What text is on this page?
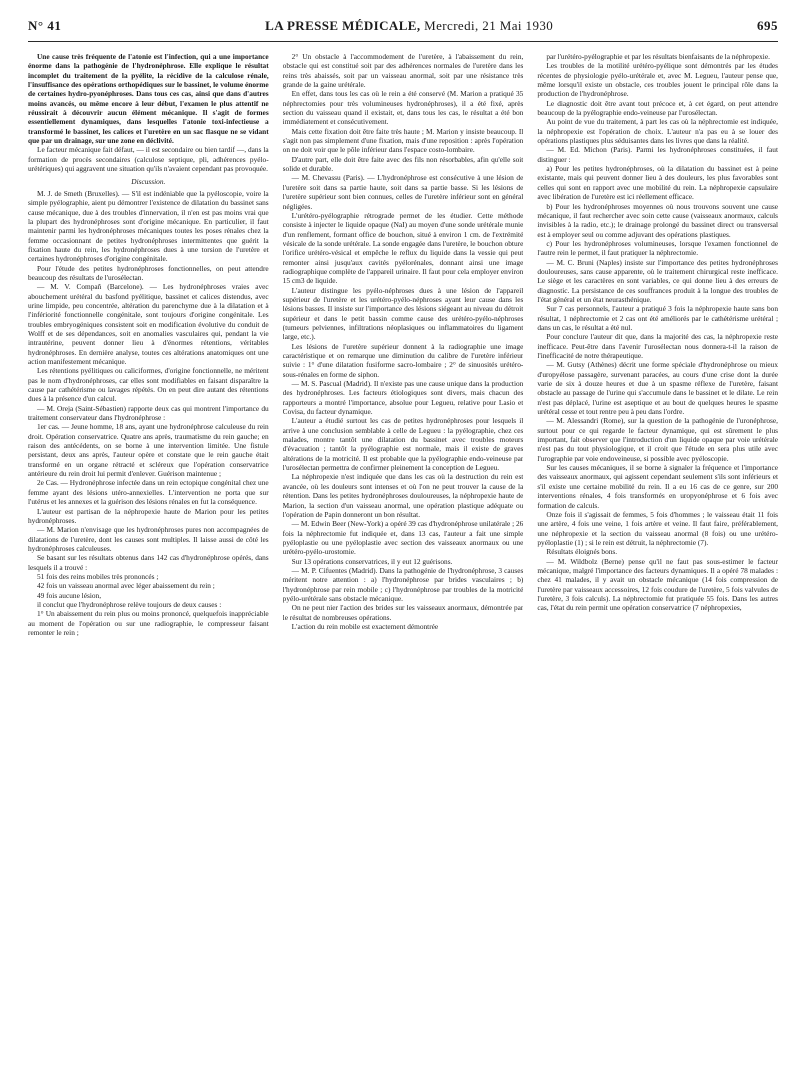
N° 41	LA PRESSE MÉDICALE, Mercredi, 21 Mai 1930	695

Une cause très fréquente de l'atonie est l'infection, qui a une importance énorme dans la pathogénie de l'hydronéphrose. Elle explique le résultat incomplet du traitement de la pyélite, la récidive de la calculose rénale, l'insuffisance des opérations orthopédiques sur le bassinet, le volume énorme de certaines hydro-pyonéphroses. Dans tous ces cas, ainsi que dans d'autres moins avancés, ou même encore à leur début, l'examen le plus attentif ne réussirait à découvrir aucun élément mécanique. Il s'agit de formes essentiellement dynamiques, dans lesquelles l'atonie toxi-infectieuse a transformé le bassinet, les calices et l'uretère en un sac flasque ne se vidant que par un drainage, sur une zone en déclivité.

Le facteur mécanique fait défaut, — il est secondaire ou bien tardif —, dans la formation de procès secondaires (calculose septique, pli, adhérences pyélo-urétériques) qui aggravent une situation qu'ils n'avaient cependant pas provoquée.

Discussion.

M. J. de Smeth (Bruxelles). — S'il est indéniable que la pyéloscopie, voire la simple pyélographie, aient pu démontrer l'existence de dilatation du bassinet sans cause mécanique, due à des troubles d'innervation, il n'en est pas moins vrai que la plupart des hydronéphroses sont d'origine mécanique. En particulier, il faut maintenir parmi les hydronéphroses mécaniques toutes les poses rénales chez la femme occasionnant de petites hydronéphroses intermittentes que guérit la fixation haute du rein, les hydronéphroses dues à une torsion de l'uretère et certaines hydronéphroses d'origine congénitale.

Pour l'étude des petites hydronéphroses fonctionnelles, on peut attendre beaucoup des résultats de l'urosélectan.

— M. V. Compañ (Barcelone). — Les hydronéphroses vraies avec abouchement urétéral du basfond pyélitique, bassinet et calices distendus, avec urine limpide, peu concentrée, altération du parenchyme due à la dilatation et à l'infériorité fonctionnelle congénitale, sont toujours d'origine congénitale. Les troubles embryogéniques consistent soit en modification évolutive du conduit de Wolff et de ses dépendances, soit en anomalies vasculaires qui, pendant la vie intrautérine, peuvent donner lieu à d'énormes rétentions, véritables hydronéphroses. En dernière analyse, toutes ces altérations anatomiques ont une action manifestement mécanique.

Les rétentions pyélitiques ou caliciformes, d'origine fonctionnelle, ne méritent pas le nom d'hydronéphroses, car elles sont modifiables en faisant disparaître la cause par cathétérisme ou lavages répétés. On en peut dire autant des rétentions dues à la présence d'un calcul.

— M. Oreja (Saint-Sébastien) rapporte deux cas qui montrent l'importance du traitement conservateur dans l'hydronéphrose :

1er cas. — Jeune homme, 18 ans, ayant une hydronéphrose calculeuse du rein droit. Opération conservatrice. Quatre ans après, traumatisme du rein gauche; en raison des antécédents, on se borne à une intervention limitée. Une fistule persistant, deux ans après, l'auteur opère et constate que le rein gauche était transformé en un organe rétracté et scléreux que l'opération conservatrice antérieure du rein droit lui permit d'enlever. Guérison maintenue ;

2e Cas. — Hydronéphrose infectée dans un rein ectopique congénital chez une femme ayant des lésions utéro-annexielles. L'intervention ne porta que sur l'utérus et les annexes et la guérison des lésions rénales en fut la conséquence.

L'auteur est partisan de la néphropexie haute de Marion pour les petites hydronéphroses.

— M. Marion n'envisage que les hydronéphroses pures non accompagnées de dilatations de l'uretère, dont les causes sont multiples. Il laisse aussi de côté les hydronéphroses calculeuses.

Se basant sur les résultats obtenus dans 142 cas d'hydronéphrose opérés, dans lesquels il a trouvé :

51 fois des reins mobiles très prononcés ;

42 fois un vaisseau anormal avec léger abaissement du rein ;

49 fois aucune lésion,

il conclut que l'hydronéphrose relève toujours de deux causes :

1° Un abaissement du rein plus ou moins prononcé, quelquefois inappréciable au moment de l'opération ou sur une radiographie, le compresseur faisant remonter le rein ;

2° Un obstacle à l'accommodement de l'uretère, à l'abaissement du rein, obstacle qui est constitué soit par des adhérences normales de l'uretère dans les reins très abaissés, soit par un vaisseau anormal, soit par une résistance très grande de la gaine urétérale.

En effet, dans tous les cas où le rein a été conservé (M. Marion a pratiqué 35 néphrectomies pour très volumineuses hydronéphroses), il a été fixé, après section du vaisseau quand il existait, et, dans tous les cas, le résultat a été bon immédiatement et consécutivement.

Mais cette fixation doit être faite très haute ; M. Marion y insiste beaucoup. Il s'agit non pas simplement d'une fixation, mais d'une reposition : après l'opération on ne doit voir que le pôle inférieur dans l'espace costo-lombaire.

D'autre part, elle doit être faite avec des fils non résorbables, afin qu'elle soit solide et durable.

— M. Chevassu (Paris). — L'hydronéphrose est consécutive à une lésion de l'uretère soit dans sa partie haute, soit dans sa partie basse. Si les lésions de l'uretère supérieur sont bien connues, celles de l'uretère inférieur sont en général négligées.

L'urétéro-pyélographie rétrograde permet de les étudier. Cette méthode consiste à injecter le liquide opaque (NaI) au moyen d'une sonde urétérale munie d'un renflement, formant office de bouchon, situé à environ 1 cm. de l'extrémité vésicale de la sonde urétérale. La sonde engagée dans l'uretère, le bouchon obture l'orifice urétéro-vésical et empêche le reflux du liquide dans la vessie qui peut remonter ainsi jusqu'aux cavités pyélorénales, donnant ainsi une image radiographique complète de l'appareil urinaire. Il faut pour cela employer environ 15 cm3 de liquide.

L'auteur distingue les pyélo-néphroses dues à une lésion de l'appareil supérieur de l'uretère et les urétéro-pyélo-néphroses ayant leur cause dans les lésions basses. Il insiste sur l'importance des lésions siégeant au niveau du détroit supérieur et dans le petit bassin comme cause des urétéro-pyélo-néphroses (tumeurs pelviennes, infiltrations néoplasiques ou inflammatoires du ligament large, etc.).

Les lésions de l'uretère supérieur donnent à la radiographie une image caractéristique et on remarque une diminution du calibre de l'uretère inférieur suivie : 1° d'une dilatation fusiforme sacro-lombaire ; 2° de sinuosités urétéro-sous-rénales en forme de siphon.

— M. S. Pascual (Madrid). Il n'existe pas une cause unique dans la production des hydronéphroses. Les facteurs étiologiques sont divers, mais chacun des rapporteurs a montré l'importance, absolue pour Legueu, relative pour Lasio et Covisa, du facteur dynamique.

L'auteur a étudié surtout les cas de petites hydronéphroses pour lesquels il arrive à une conclusion semblable à celle de Legueu : la pyélographie, chez ces malades, montre tantôt une dilatation du bassinet avec troubles moteurs d'évacuation ; tantôt la pyélographie est normale, mais il existe de graves altérations de la motricité. Il est probable que la pyélographie endo-veineuse par l'urosélectan permettra de confirmer pleinement la conception de Legueu.

La néphropexie n'est indiquée que dans les cas où la destruction du rein est avancée, où les douleurs sont intenses et où l'on ne peut trouver la cause de la rétention. Dans les petites hydronéphroses douloureuses, la néphropexie haute de Marion, la section d'un vaisseau anormal, une opération plastique adéquate ou l'opération de Papin donneront un bon résultat.

— M. Edwin Beer (New-York) a opéré 39 cas d'hydronéphrose unilatérale ; 26 fois la néphrectomie fut indiquée et, dans 13 cas, l'auteur a fait une simple pyéloplastie ou une pyéloplastie avec section des vaisseaux anormaux ou une urétéro-pyélo-urostomie.

Sur 13 opérations conservatrices, il y eut 12 guérisons.

— M. P. Cifuentes (Madrid). Dans la pathogénie de l'hydronéphrose, 3 causes méritent notre attention : a) l'hydronéphrose par brides vasculaires ; b) l'hydronéphrose par rein mobile ; c) l'hydronéphrose par troubles de la motricité pyélo-urétérale sans obstacle mécanique.

On ne peut nier l'action des brides sur les vaisseaux anormaux, démontrée par le résultat de nombreuses opérations.

L'action du rein mobile est exactement démontrée

par l'urétéro-pyélographie et par les résultats bienfaisants de la néphropexie.

Les troubles de la motilité urétéro-pyélique sont démontrés par les études récentes de physiologie pyélo-urétérale et, avec M. Legueu, l'auteur pense que, même lorsqu'il existe un obstacle, ces troubles jouent le principal rôle dans la production de l'hydronéphrose.

Le diagnostic doit être avant tout précoce et, à cet égard, on peut attendre beaucoup de la pyélographie endo-veineuse par l'urosélectan.

Au point de vue du traitement, à part les cas où la néphrectomie est indiquée, la néphropexie est l'opération de choix. L'auteur n'a pas eu à se louer des opérations plastiques plus séduisantes dans les livres que dans la réalité.

— M. Ed. Michon (Paris). Parmi les hydronéphroses constituées, il faut distinguer :

a) Pour les petites hydronéphroses, où la dilatation du bassinet est à peine existante, mais qui peuvent donner lieu à des douleurs, les plus favorables sont celles qui sont en rapport avec une mobilité du rein. La néphropexie capsulaire avec libération de l'uretère est ici réellement efficace.

b) Pour les hydronéphroses moyennes où nous trouvons souvent une cause mécanique, il faut rechercher avec soin cette cause (vaisseaux anormaux, calculs invisibles à la radio, etc.); le drainage prolongé du bassinet direct ou transversal est à employer seul ou comme adjuvant des opérations plastiques.

c) Pour les hydronéphroses volumineuses, lorsque l'examen fonctionnel de l'autre rein le permet, il faut pratiquer la néphrectomie.

— M. C. Bruni (Naples) insiste sur l'importance des petites hydronéphroses douloureuses, sans cause apparente, où le traitement chirurgical reste inefficace. Le siège et les caractères en sont variables, ce qui donne lieu à des erreurs de diagnostic. La persistance de ces souffrances produit à la longue des troubles de l'état général et un état neurasthénique.

Sur 7 cas personnels, l'auteur a pratiqué 3 fois la néphropexie haute sans bon résultat, 1 néphrectomie et 2 cas ont été améliorés par le cathétérisme urétéral ; dans un cas, le résultat a été nul.

Pour conclure l'auteur dit que, dans la majorité des cas, la néphropexie reste inefficace. Peut-être dans l'avenir l'urosélectan nous donnera-t-il la raison de l'inefficacité de notre thérapeutique.

— M. Gutsy (Athènes) décrit une forme spéciale d'hydronéphrose ou mieux d'uropyélose passagère, survenant paracées, au cours d'une crise dont la durée varie de six à douze heures et due à un spasme réflexe de l'uretère, faisant obstacle au passage de l'urine qui s'accumule dans le bassinet et le dilate. Le rein n'est pas déplacé, l'urine est aseptique et au bout de quelques heures le spasme urétéral cesse et tout rentre peu à peu dans l'ordre.

— M. Alessandri (Rome), sur la question de la pathogénie de l'uronéphrose, surtout pour ce qui regarde le facteur dynamique, qui est sûrement le plus important, fait observer que l'introduction d'un liquide opaque par voie urétérale n'est pas du tout physiologique, et il croit que l'étude en sera plus utile avec l'urographie par voie endoveineuse, si possible avec pyéloscopie.

Sur les causes mécaniques, il se borne à signaler la fréquence et l'importance des vaisseaux anormaux, qui agissent cependant seulement s'ils sont inférieurs et s'il existe une certaine mobilité du rein. Il a eu 16 cas de ce genre, sur 200 interventions rénales, 4 fois transformés en uropyonéphrose et 6 fois avec formation de calculs.

Onze fois il s'agissait de femmes, 5 fois d'hommes ; le vaisseau était 11 fois une artère, 4 fois une veine, 1 fois artère et veine. Il faut faire, préférablement, une néphropexie et la section du vaisseau anormal (8 fois) ou une urétéro-pyéloplastie (1) ; si le rein est détruit, la néphrectomie (7).

Résultats éloignés bons.

— M. Wildbolz (Berne) pense qu'il ne faut pas sous-estimer le facteur mécanique, malgré l'importance des facteurs dynamiques. Il a opéré 78 malades : chez 41 malades, il y avait un obstacle mécanique (14 fois compression de l'uretère par vaisseaux accessoires, 12 fois coudure de l'uretère, 5 fois valvules de l'uretère, 3 fois calculs). La néphrectomie fut pratiquée 55 fois. Dans les autres cas, l'état du rein permit une opération conservatrice (7 néphropexies,
